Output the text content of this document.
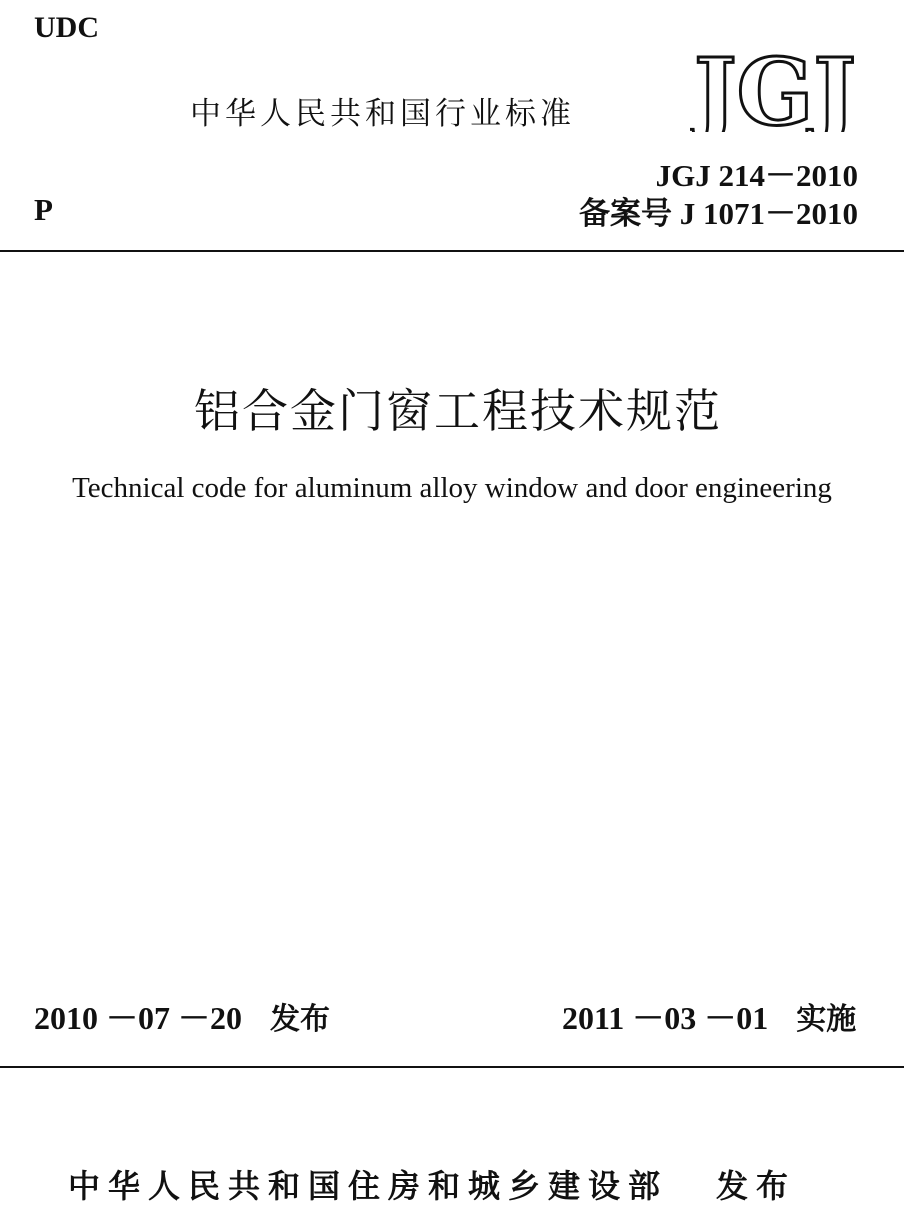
UDC
中华人民共和国行业标准 JGJ
JGJ 214－2010
P	备案号 J 1071－2010
铝合金门窗工程技术规范
Technical code for aluminum alloy window and door engineering
2010 －07 －20 发布	2011 －03 －01 实施
中华人民共和国住房和城乡建设部 发布
